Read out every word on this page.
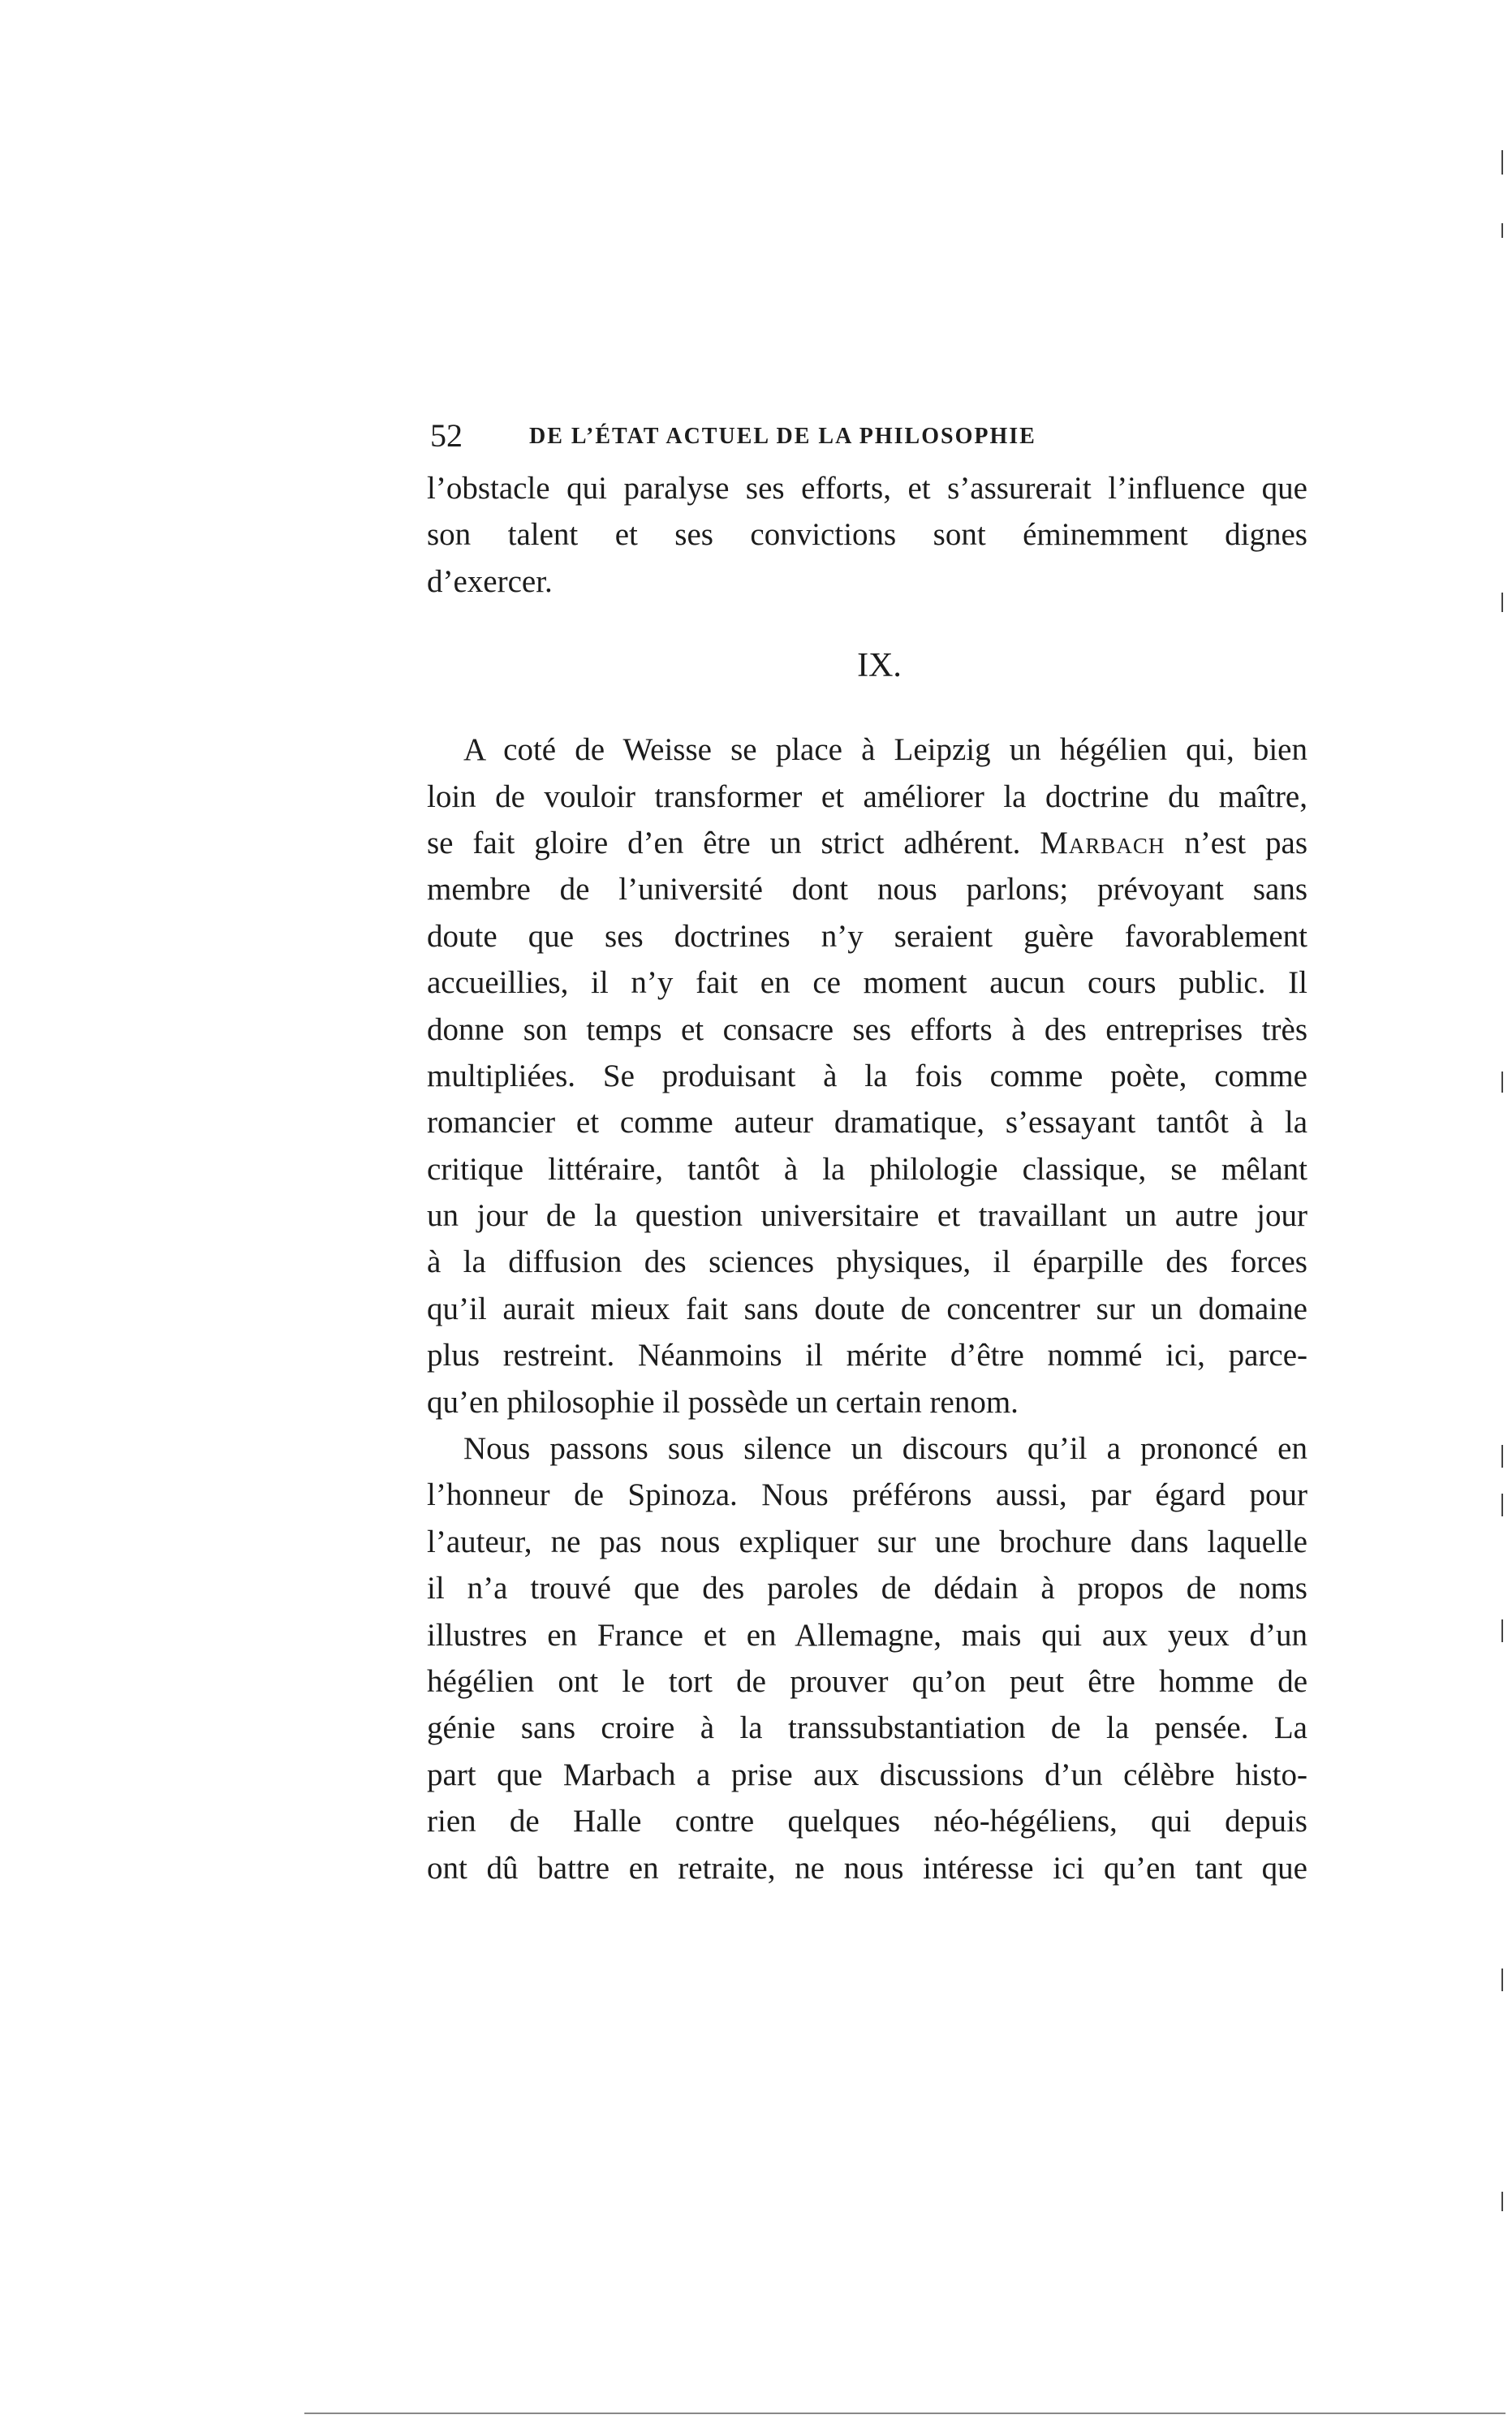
52	DE L’ÉTAT ACTUEL DE LA PHILOSOPHIE
l’obstacle qui paralyse ses efforts, et s’assurerait l’influence que
son talent et ses convictions sont éminemment dignes
d’exercer.
IX.
A coté de Weisse se place à Leipzig un hégélien qui, bien
loin de vouloir transformer et améliorer la doctrine du maître,
se fait gloire d’en être un strict adhérent. Marbach n’est pas
membre de l’université dont nous parlons; prévoyant sans
doute que ses doctrines n’y seraient guère favorablement
accueillies, il n’y fait en ce moment aucun cours public. Il
donne son temps et consacre ses efforts à des entreprises très
multipliées. Se produisant à la fois comme poète, comme
romancier et comme auteur dramatique, s’essayant tantôt à la
critique littéraire, tantôt à la philologie classique, se mêlant
un jour de la question universitaire et travaillant un autre jour
à la diffusion des sciences physiques, il éparpille des forces
qu’il aurait mieux fait sans doute de concentrer sur un domaine
plus restreint. Néanmoins il mérite d’être nommé ici, parce-
qu’en philosophie il possède un certain renom.
Nous passons sous silence un discours qu’il a prononcé en
l’honneur de Spinoza. Nous préférons aussi, par égard pour
l’auteur, ne pas nous expliquer sur une brochure dans laquelle
il n’a trouvé que des paroles de dédain à propos de noms
illustres en France et en Allemagne, mais qui aux yeux d’un
hégélien ont le tort de prouver qu’on peut être homme de
génie sans croire à la transsubstantiation de la pensée. La
part que Marbach a prise aux discussions d’un célèbre histo-
rien de Halle contre quelques néo-hégéliens, qui depuis
ont dû battre en retraite, ne nous intéresse ici qu’en tant que
